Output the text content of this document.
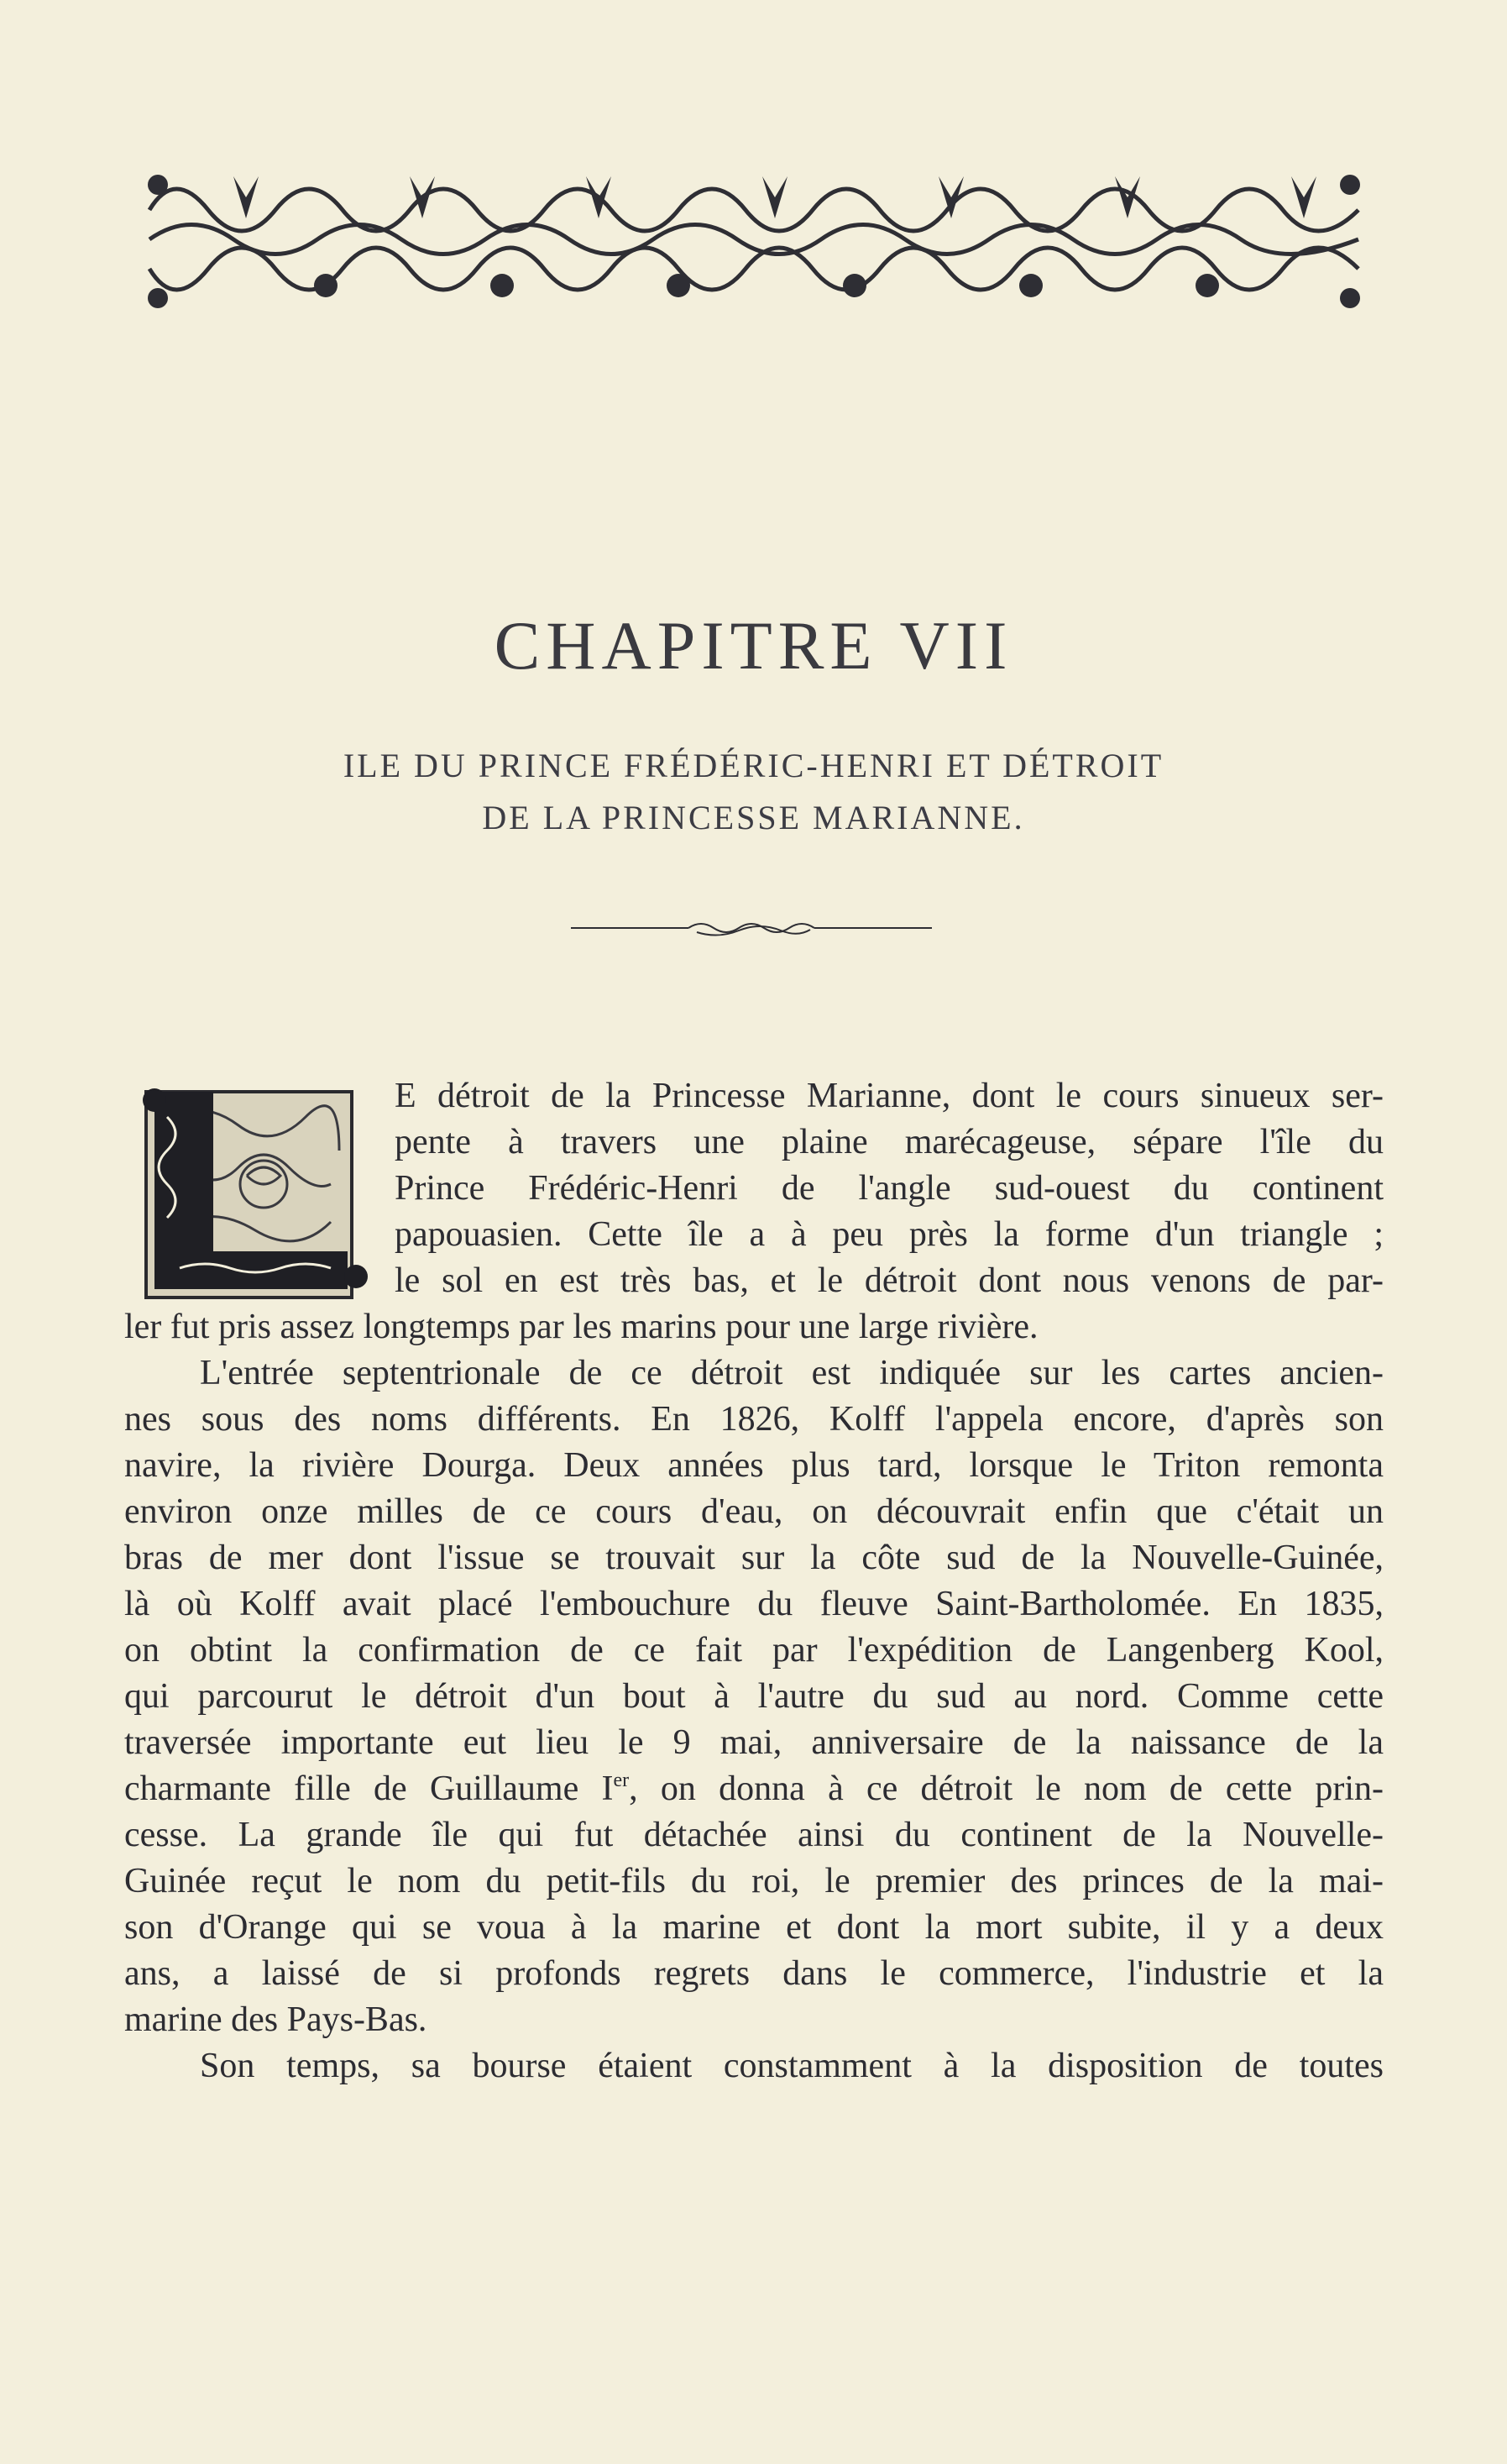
CHAPITRE VII

ILE DU PRINCE FRÉDÉRIC-HENRI ET DÉTROIT

DE LA PRINCESSE MARIANNE.

E détroit de la Princesse Marianne, dont le cours sinueux ser-
pente à travers une plaine marécageuse, sépare l'île du
Prince Frédéric-Henri de l'angle sud-ouest du continent
papouasien. Cette île a à peu près la forme d'un triangle ;
le sol en est très bas, et le détroit dont nous venons de par-
ler fut pris assez longtemps par les marins pour une large rivière.
L'entrée septentrionale de ce détroit est indiquée sur les cartes ancien-
nes sous des noms différents. En 1826, Kolff l'appela encore, d'après son
navire, la rivière Dourga. Deux années plus tard, lorsque le Triton remonta
environ onze milles de ce cours d'eau, on découvrait enfin que c'était un
bras de mer dont l'issue se trouvait sur la côte sud de la Nouvelle-Guinée,
là où Kolff avait placé l'embouchure du fleuve Saint-Bartholomée. En 1835,
on obtint la confirmation de ce fait par l'expédition de Langenberg Kool,
qui parcourut le détroit d'un bout à l'autre du sud au nord. Comme cette
traversée importante eut lieu le 9 mai, anniversaire de la naissance de la
charmante fille de Guillaume Ier, on donna à ce détroit le nom de cette prin-
cesse. La grande île qui fut détachée ainsi du continent de la Nouvelle-
Guinée reçut le nom du petit-fils du roi, le premier des princes de la mai-
son d'Orange qui se voua à la marine et dont la mort subite, il y a deux
ans, a laissé de si profonds regrets dans le commerce, l'industrie et la
marine des Pays-Bas.
Son temps, sa bourse étaient constamment à la disposition de toutes
